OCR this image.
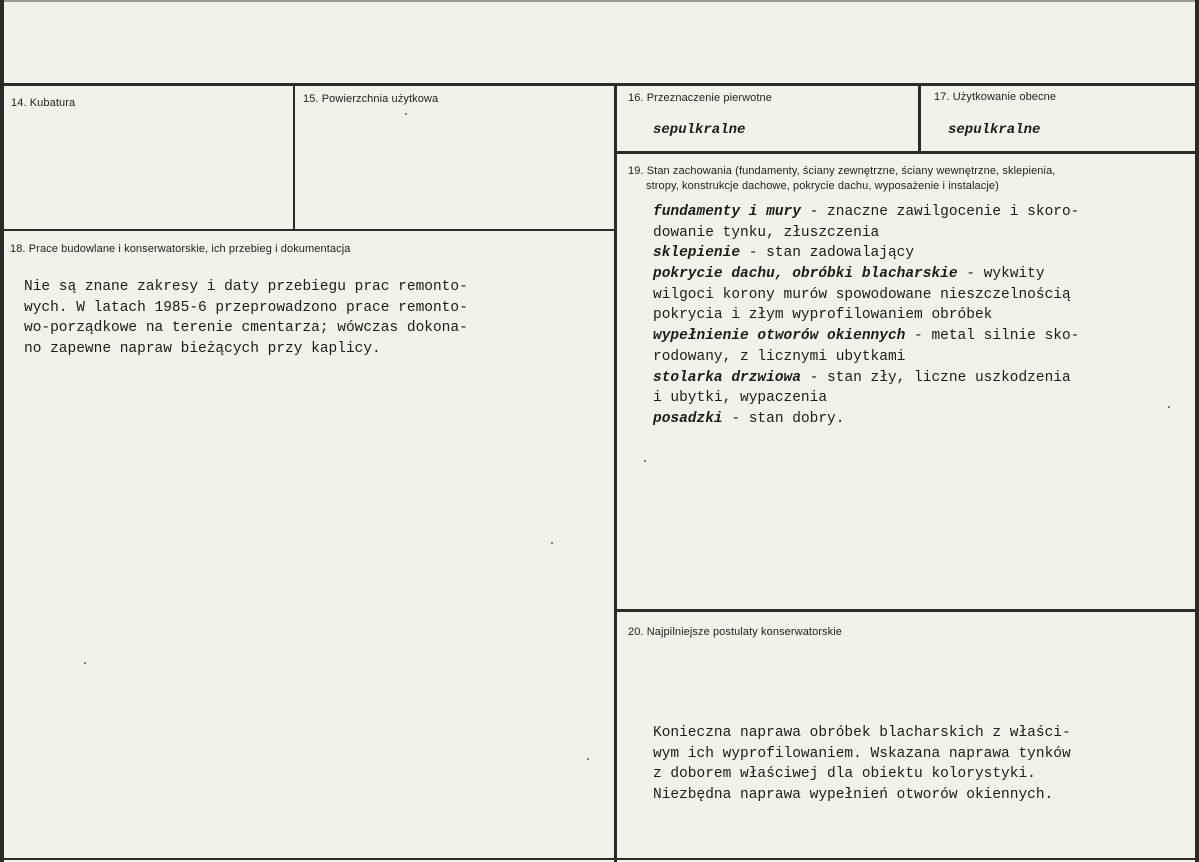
14. Kubatura	15. Powierzchnia użytkowa	16. Przeznaczenie pierwotne
sepulkralne
17. Użytkowanie obecne
sepulkralne
18. Prace budowlane i konserwatorskie, ich przebieg i dokumentacja
Nie są znane zakresy i daty przebiegu prac remonto-
wych. W latach 1985-6 przeprowadzono prace remonto-
wo-porządkowe na terenie cmentarza; wówczas dokona-
no zapewne napraw bieżących przy kaplicy.
19. Stan zachowania (fundamenty, ściany zewnętrzne, ściany wewnętrzne, sklepienia,
stropy, konstrukcje dachowe, pokrycie dachu, wyposażenie i instalacje)
fundamenty i mury - znaczne zawilgocenie i skoro-
dowanie tynku, złuszczenia
sklepienie - stan zadowalający
pokrycie dachu, obróbki blacharskie - wykwity
wilgoci korony murów spowodowane nieszczelnością
pokrycia i złym wyprofilowaniem obróbek
wypełnienie otworów okiennych - metal silnie sko-
rodowany, z licznymi ubytkami
stolarka drzwiowa - stan zły, liczne uszkodzenia
i ubytki, wypaczenia
posadzki - stan dobry.
20. Najpilniejsze postulaty konserwatorskie
Konieczna naprawa obróbek blacharskich z właści-
wym ich wyprofilowaniem. Wskazana naprawa tynków
z doborem właściwej dla obiektu kolorystyki.
Niezbędna naprawa wypełnień otworów okiennych.
